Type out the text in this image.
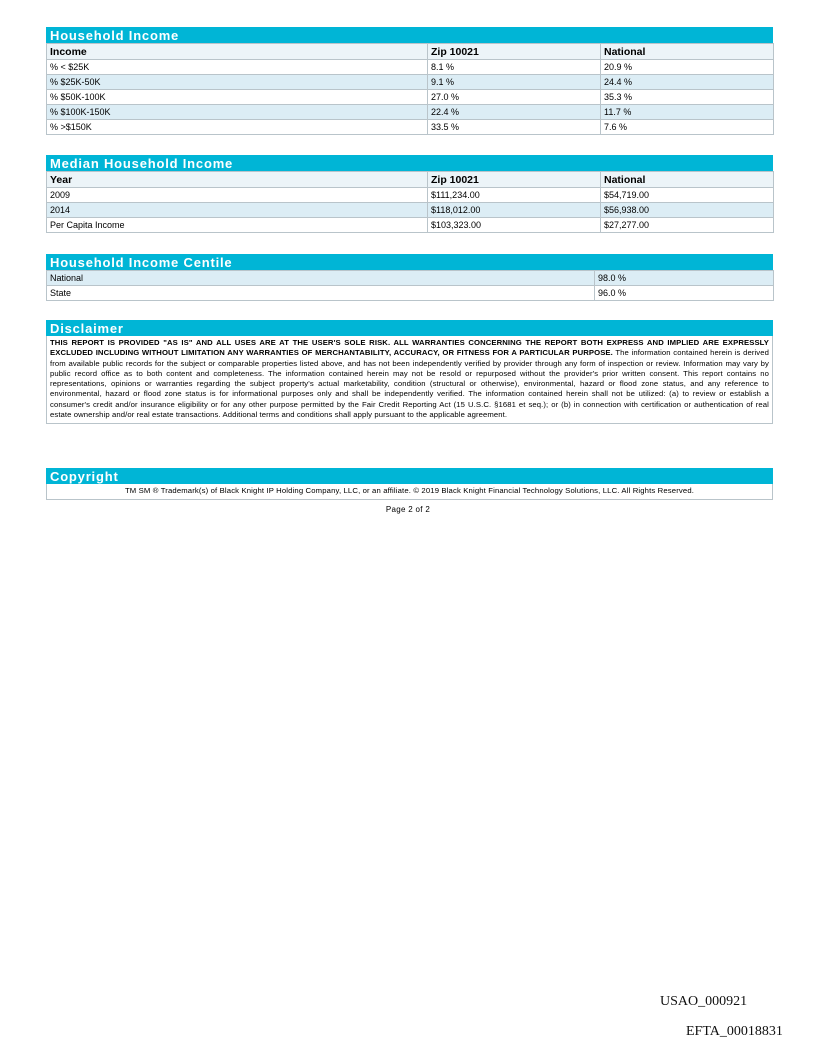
Household Income
Income	Zip 10021	National
% < $25K	8.1 %	20.9 %
% $25K-50K	9.1 %	24.4 %
% $50K-100K	27.0 %	35.3 %
% $100K-150K	22.4 %	11.7 %
% >$150K	33.5 %	7.6 %
Median Household Income
Year	Zip 10021	National
2009	$111,234.00	$54,719.00
2014	$118,012.00	$56,938.00
Per Capita Income	$103,323.00	$27,277.00
Household Income Centile
National	98.0 %
State	96.0 %
Disclaimer
THIS REPORT IS PROVIDED "AS IS" AND ALL USES ARE AT THE USER'S SOLE RISK. ALL WARRANTIES CONCERNING THE REPORT BOTH EXPRESS AND IMPLIED ARE EXPRESSLY EXCLUDED INCLUDING WITHOUT LIMITATION ANY WARRANTIES OF MERCHANTABILITY, ACCURACY, OR FITNESS FOR A PARTICULAR PURPOSE. The information contained herein is derived from available public records for the subject or comparable properties listed above, and has not been independently verified by provider through any form of inspection or review. Information may vary by public record office as to both content and completeness. The information contained herein may not be resold or repurposed without the provider's prior written consent. This report contains no representations, opinions or warranties regarding the subject property's actual marketability, condition (structural or otherwise), environmental, hazard or flood zone status, and any reference to environmental, hazard or flood zone status is for informational purposes only and shall be independently verified. The information contained herein shall not be utilized: (a) to review or establish a consumer's credit and/or insurance eligibility or for any other purpose permitted by the Fair Credit Reporting Act (15 U.S.C. §1681 et seq.); or (b) in connection with certification or authentication of real estate ownership and/or real estate transactions. Additional terms and conditions shall apply pursuant to the applicable agreement.
Copyright
TM SM ® Trademark(s) of Black Knight IP Holding Company, LLC, or an affiliate. © 2019 Black Knight Financial Technology Solutions, LLC. All Rights Reserved.
Page 2 of 2
USAO_000921
EFTA_00018831
